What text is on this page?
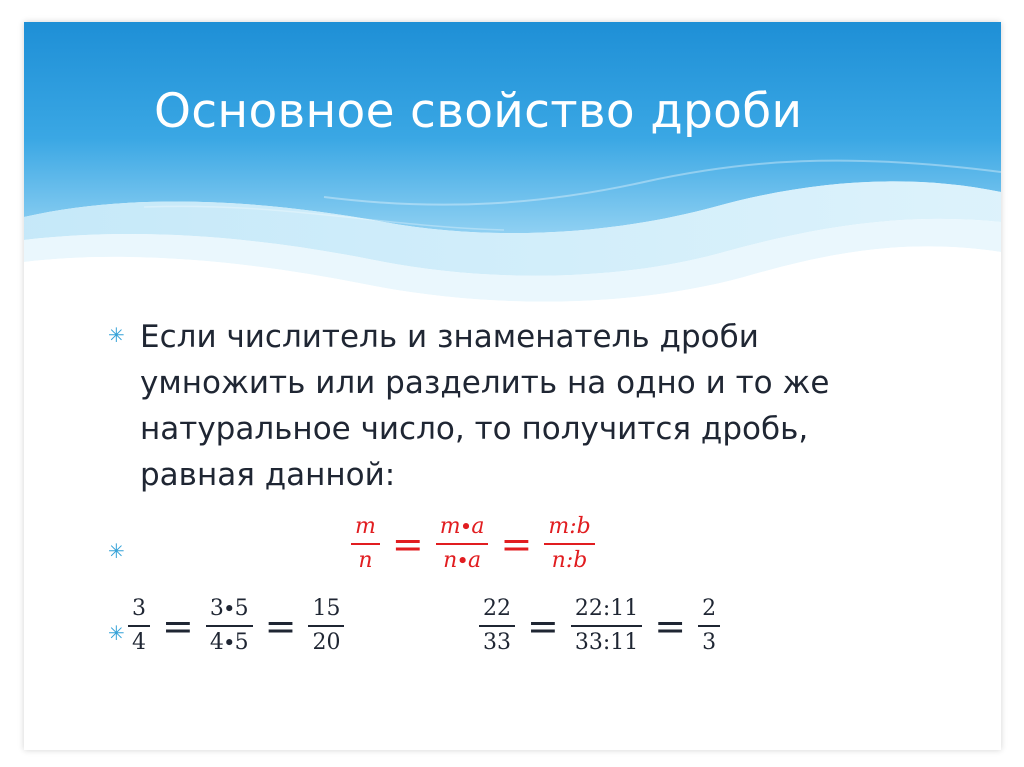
Основное свойство дроби
✳ Если числитель и знаменатель дроби умножить или разделить на одно и то же натуральное число, то получится дробь, равная данной:

✳	$\frac{m}{n} = \frac{m\cdot a}{n\cdot a} = \frac{m:b}{n:b}$
✳ $\frac{3}{4} = \frac{3\cdot 5}{4\cdot 5} = \frac{15}{20}$	$\frac{22}{33} = \frac{22:11}{33:11} = \frac{2}{3}$
